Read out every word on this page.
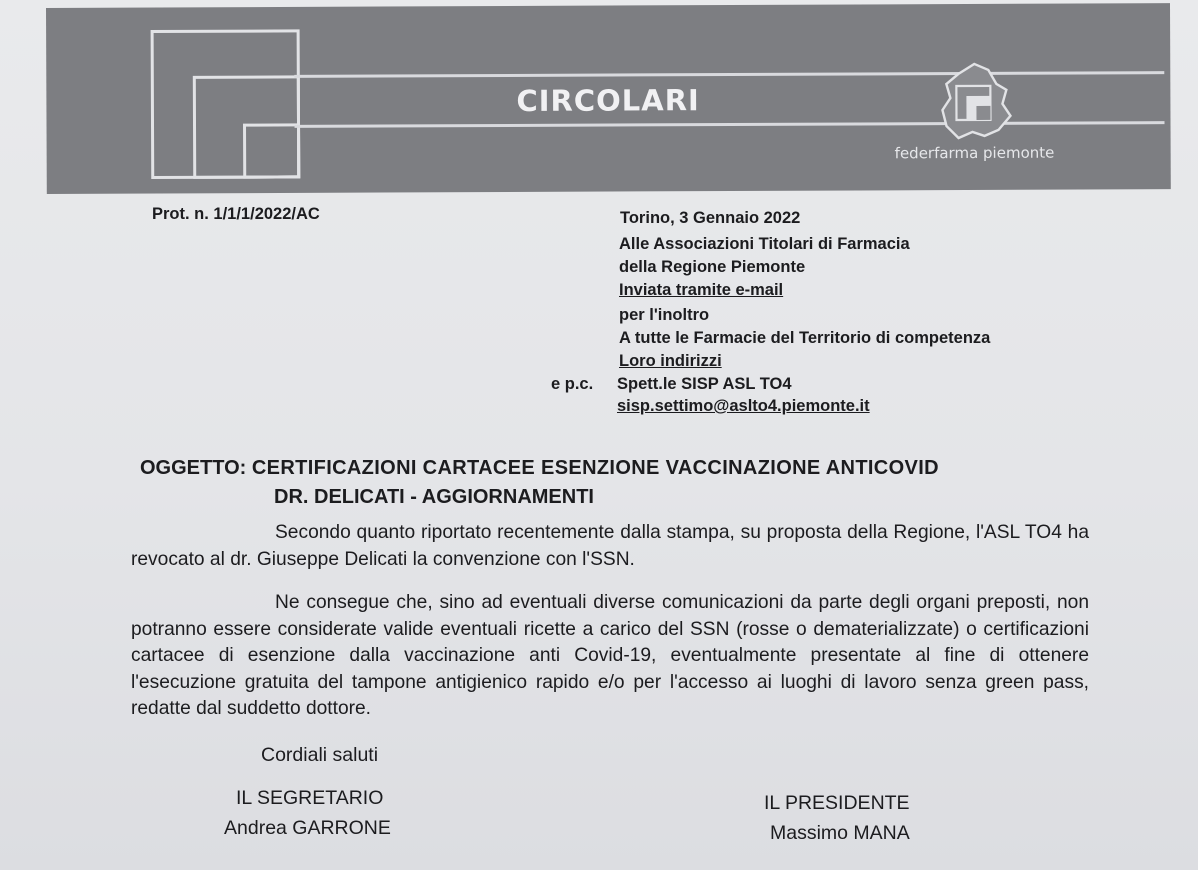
CIRCOLARI
federfarma piemonte
Prot. n. 1/1/1/2022/AC	Torino, 3 Gennaio 2022
Alle Associazioni Titolari di Farmacia
della Regione Piemonte
Inviata tramite e-mail
per l'inoltro
A tutte le Farmacie del Territorio di competenza
Loro indirizzi
e p.c. Spett.le SISP ASL TO4
sisp.settimo@aslto4.piemonte.it
OGGETTO: CERTIFICAZIONI CARTACEE ESENZIONE VACCINAZIONE ANTICOVID
DR. DELICATI - AGGIORNAMENTI
Secondo quanto riportato recentemente dalla stampa, su proposta della Regione, l'ASL TO4 ha revocato al dr. Giuseppe Delicati la convenzione con l'SSN.
Ne consegue che, sino ad eventuali diverse comunicazioni da parte degli organi preposti, non potranno essere considerate valide eventuali ricette a carico del SSN (rosse o dematerializzate) o certificazioni cartacee di esenzione dalla vaccinazione anti Covid-19, eventualmente presentate al fine di ottenere l'esecuzione gratuita del tampone antigienico rapido e/o per l'accesso ai luoghi di lavoro senza green pass, redatte dal suddetto dottore.
Cordiali saluti
IL SEGRETARIO
Andrea GARRONE
IL PRESIDENTE
Massimo MANA
